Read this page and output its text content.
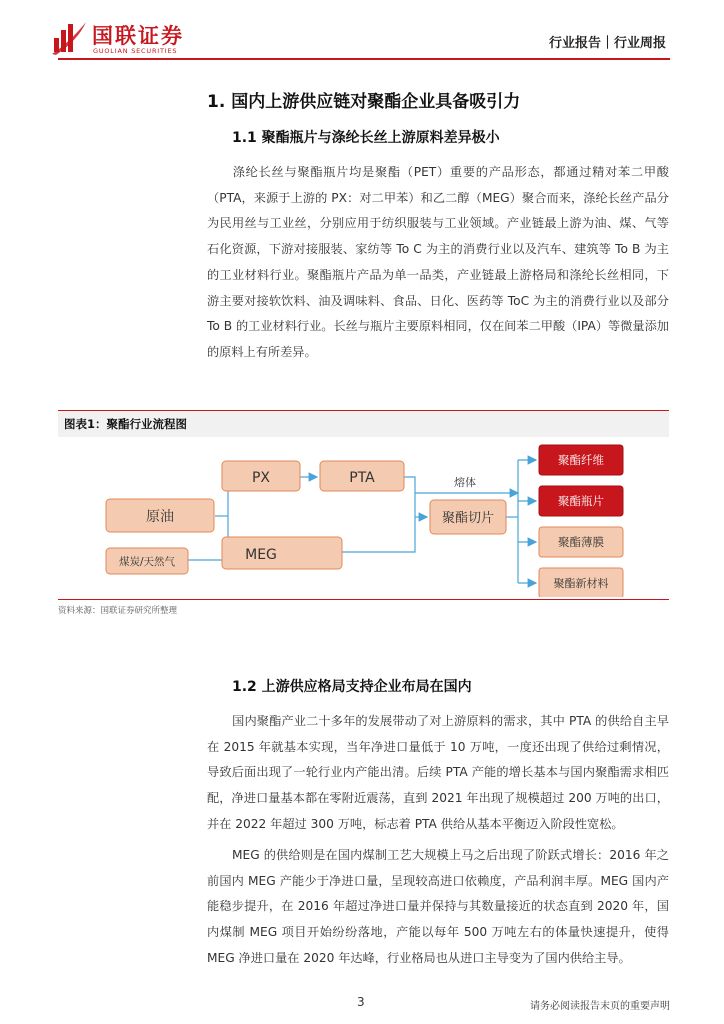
国联证券
GUOLIAN SECURITIES	行业报告｜行业周报
1. 国内上游供应链对聚酯企业具备吸引力
1.1 聚酯瓶片与涤纶长丝上游原料差异极小
涤纶长丝与聚酯瓶片均是聚酯（PET）重要的产品形态，都通过精对苯二甲酸（PTA，来源于上游的 PX：对二甲苯）和乙二醇（MEG）聚合而来，涤纶长丝产品分为民用丝与工业丝，分别应用于纺织服装与工业领域。产业链最上游为油、煤、气等石化资源，下游对接服装、家纺等 To C 为主的消费行业以及汽车、建筑等 To B 为主的工业材料行业。聚酯瓶片产品为单一品类，产业链最上游格局和涤纶长丝相同，下游主要对接软饮料、油及调味料、食品、日化、医药等 ToC 为主的消费行业以及部分 To B 的工业材料行业。长丝与瓶片主要原料相同，仅在间苯二甲酸（IPA）等微量添加的原料上有所差异。
图表1：聚酯行业流程图
原油
煤炭/天然气
PX	PTA
MEG
熔体
聚酯切片
聚酯纤维
聚酯瓶片
聚酯薄膜
聚酯新材料
资料来源：国联证券研究所整理
1.2 上游供应格局支持企业布局在国内
国内聚酯产业二十多年的发展带动了对上游原料的需求，其中 PTA 的供给自主早在 2015 年就基本实现，当年净进口量低于 10 万吨，一度还出现了供给过剩情况，导致后面出现了一轮行业内产能出清。后续 PTA 产能的增长基本与国内聚酯需求相匹配，净进口量基本都在零附近震荡，直到 2021 年出现了规模超过 200 万吨的出口，并在 2022 年超过 300 万吨，标志着 PTA 供给从基本平衡迈入阶段性宽松。
MEG 的供给则是在国内煤制工艺大规模上马之后出现了阶跃式增长：2016 年之前国内 MEG 产能少于净进口量，呈现较高进口依赖度，产品利润丰厚。MEG 国内产能稳步提升，在 2016 年超过净进口量并保持与其数量接近的状态直到 2020 年，国内煤制 MEG 项目开始纷纷落地，产能以每年 500 万吨左右的体量快速提升，使得 MEG 净进口量在 2020 年达峰，行业格局也从进口主导变为了国内供给主导。
3	请务必阅读报告末页的重要声明
